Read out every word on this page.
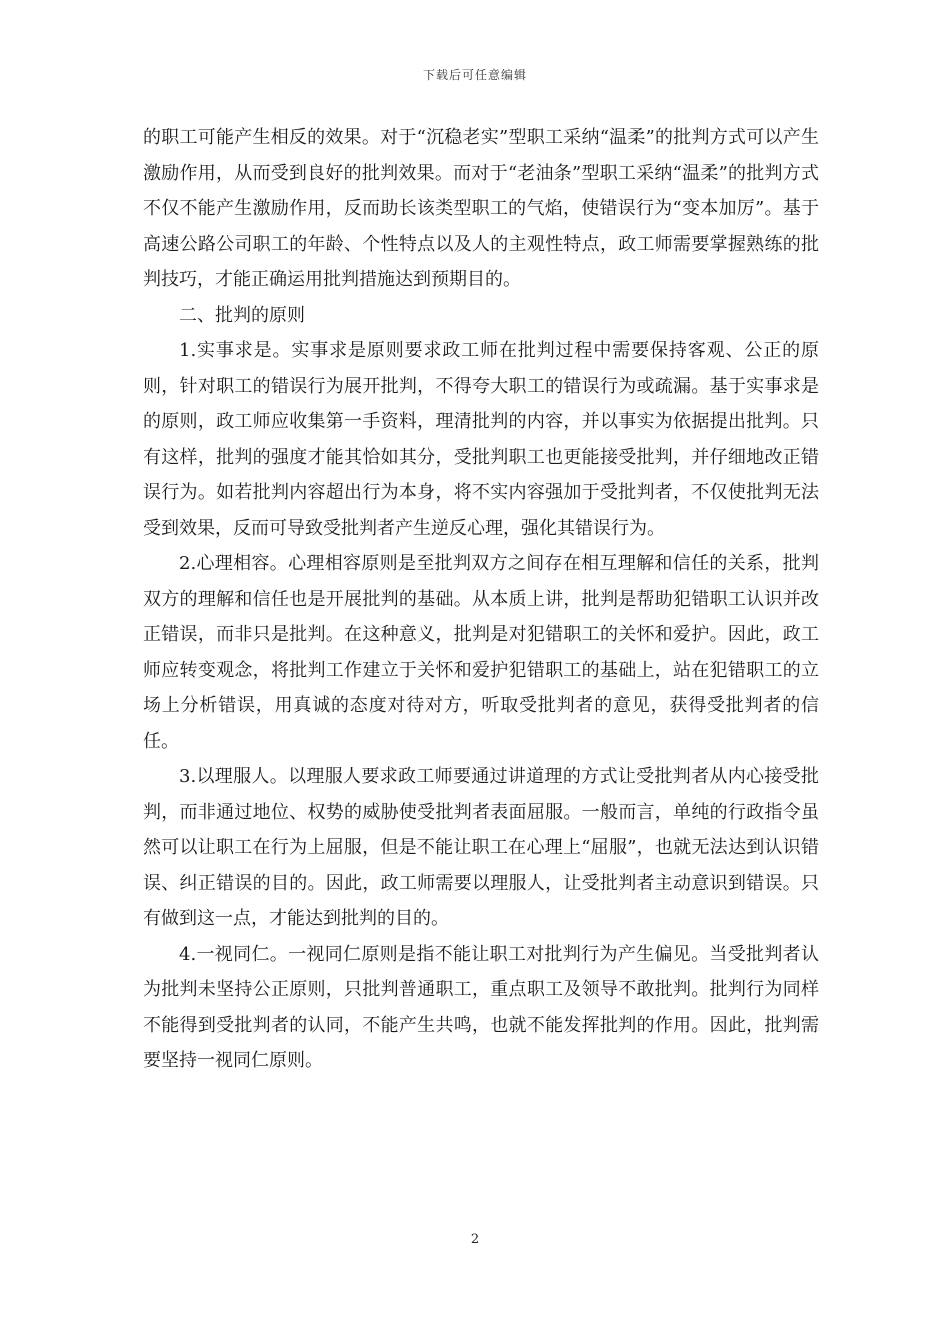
下载后可任意编辑

的职工可能产生相反的效果。对于“沉稳老实”型职工采纳“温柔”的批判方式可以产生激励作用，从而受到良好的批判效果。而对于“老油条”型职工采纳“温柔”的批判方式不仅不能产生激励作用，反而助长该类型职工的气焰，使错误行为“变本加厉”。基于高速公路公司职工的年龄、个性特点以及人的主观性特点，政工师需要掌握熟练的批判技巧，才能正确运用批判措施达到预期目的。

二、批判的原则

1.实事求是。实事求是原则要求政工师在批判过程中需要保持客观、公正的原则，针对职工的错误行为展开批判，不得夸大职工的错误行为或疏漏。基于实事求是的原则，政工师应收集第一手资料，理清批判的内容，并以事实为依据提出批判。只有这样，批判的强度才能其恰如其分，受批判职工也更能接受批判，并仔细地改正错误行为。如若批判内容超出行为本身，将不实内容强加于受批判者，不仅使批判无法受到效果，反而可导致受批判者产生逆反心理，强化其错误行为。

2.心理相容。心理相容原则是至批判双方之间存在相互理解和信任的关系，批判双方的理解和信任也是开展批判的基础。从本质上讲，批判是帮助犯错职工认识并改正错误，而非只是批判。在这种意义，批判是对犯错职工的关怀和爱护。因此，政工师应转变观念，将批判工作建立于关怀和爱护犯错职工的基础上，站在犯错职工的立场上分析错误，用真诚的态度对待对方，听取受批判者的意见，获得受批判者的信任。

3.以理服人。以理服人要求政工师要通过讲道理的方式让受批判者从内心接受批判，而非通过地位、权势的威胁使受批判者表面屈服。一般而言，单纯的行政指令虽然可以让职工在行为上屈服，但是不能让职工在心理上“屈服”，也就无法达到认识错误、纠正错误的目的。因此，政工师需要以理服人，让受批判者主动意识到错误。只有做到这一点，才能达到批判的目的。

4.一视同仁。一视同仁原则是指不能让职工对批判行为产生偏见。当受批判者认为批判未坚持公正原则，只批判普通职工，重点职工及领导不敢批判。批判行为同样不能得到受批判者的认同，不能产生共鸣，也就不能发挥批判的作用。因此，批判需要坚持一视同仁原则。

2
